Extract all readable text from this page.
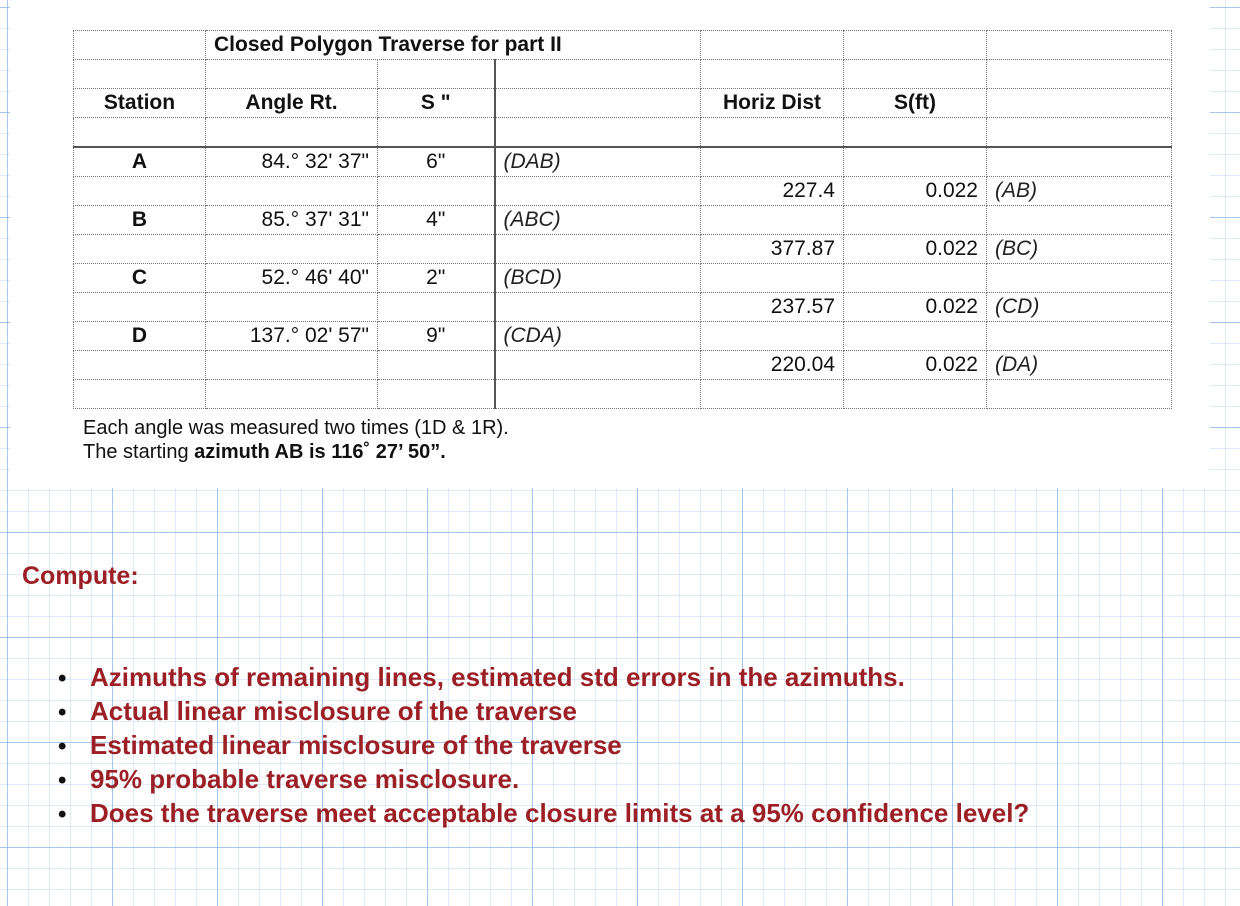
	Closed Polygon Traverse for part II					

Station	Angle Rt.	S "		Horiz Dist	S(ft)	

A	84.° 32' 37"	6"	(DAB)			
				227.4	0.022	(AB)
B	85.° 37' 31"	4"	(ABC)			
				377.87	0.022	(BC)
C	52.° 46' 40"	2"	(BCD)			
				237.57	0.022	(CD)
D	137.° 02' 57"	9"	(CDA)			
				220.04	0.022	(DA)

Each angle was measured two times (1D & 1R).
The starting azimuth AB is 116˚ 27’ 50”.
Compute:
• Azimuths of remaining lines, estimated std errors in the azimuths.
• Actual linear misclosure of the traverse
• Estimated linear misclosure of the traverse
• 95% probable traverse misclosure.
• Does the traverse meet acceptable closure limits at a 95% confidence level?
